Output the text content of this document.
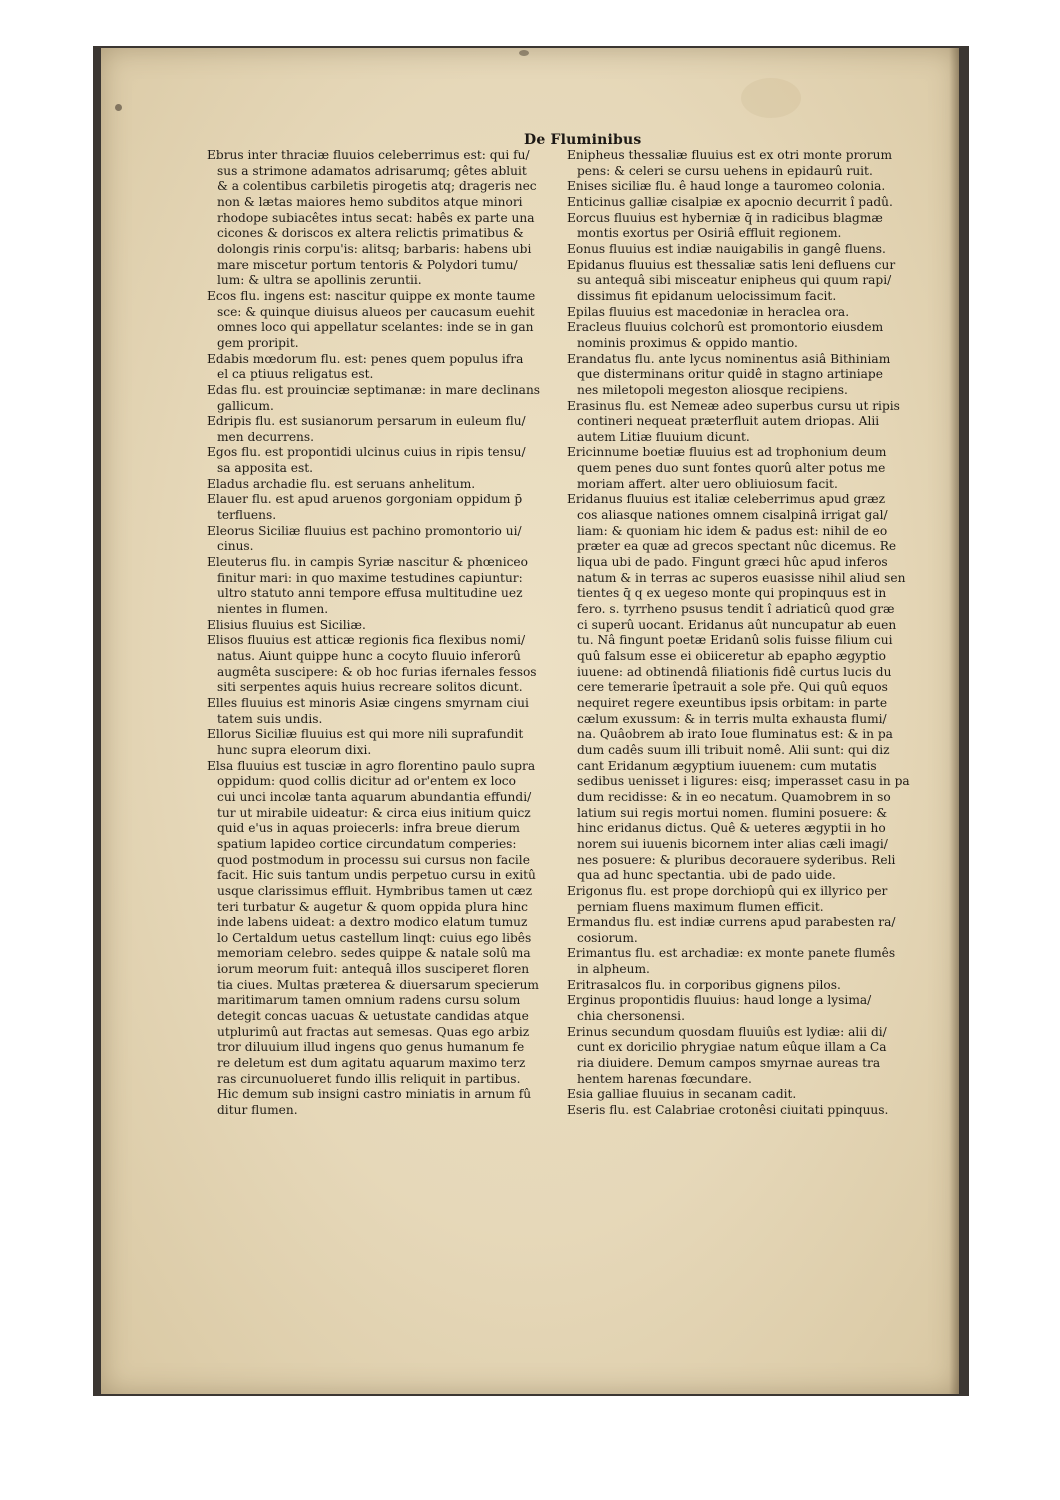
De Fluminibus
Ebrus inter thraciæ fluuios celeberrimus est: qui fu/
sus a strimone adamatos adrisarumq; gêtes abluit
& a colentibus carbiletis pirogetis atq; drageris nec
non & lætas maiores hemo subditos atque minori
rhodope subiacêtes intus secat: habês ex parte una
cicones & doriscos ex altera relictis primatibus &
dolongis rinis corpu'is: alitsq; barbaris: habens ubi
mare miscetur portum tentoris & Polydori tumu/
lum: & ultra se apollinis zeruntii.
Ecos flu. ingens est: nascitur quippe ex monte taume
sce: & quinque diuisus alueos per caucasum euehit
omnes loco qui appellatur scelantes: inde se in gan
gem proripit.
Edabis mœdorum flu. est: penes quem populus ifra
el ca ptiuus religatus est.
Edas flu. est prouinciæ septimanæ: in mare declinans
gallicum.
Edripis flu. est susianorum persarum in euleum flu/
men decurrens.
Egos flu. est propontidi ulcinus cuius in ripis tensu/
sa apposita est.
Eladus archadie flu. est seruans anhelitum.
Elauer flu. est apud aruenos gorgoniam oppidum p̄
terfluens.
Eleorus Siciliæ fluuius est pachino promontorio ui/
cinus.
Eleuterus flu. in campis Syriæ nascitur & phœniceo
finitur mari: in quo maxime testudines capiuntur:
ultro statuto anni tempore effusa multitudine uez
nientes in flumen.
Elisius fluuius est Siciliæ.
Elisos fluuius est atticæ regionis fica flexibus nomi/
natus. Aiunt quippe hunc a cocyto fluuio inferorû
augmêta suscipere: & ob hoc furias ifernales fessos
siti serpentes aquis huius recreare solitos dicunt.
Elles fluuius est minoris Asiæ cingens smyrnam ciui
tatem suis undis.
Ellorus Siciliæ fluuius est qui more nili suprafundit
hunc supra eleorum dixi.
Elsa fluuius est tusciæ in agro florentino paulo supra
oppidum: quod collis dicitur ad or'entem ex loco
cui unci incolæ tanta aquarum abundantia effundi/
tur ut mirabile uideatur: & circa eius initium quicz
quid e'us in aquas proiecerls: infra breue dierum
spatium lapideo cortice circundatum comperies:
quod postmodum in processu sui cursus non facile
facit. Hic suis tantum undis perpetuo cursu in exitû
usque clarissimus effluit. Hymbribus tamen ut cæz
teri turbatur & augetur & quom oppida plura hinc
inde labens uideat: a dextro modico elatum tumuz
lo Certaldum uetus castellum linqt: cuius ego libês
memoriam celebro. sedes quippe & natale solû ma
iorum meorum fuit: antequâ illos susciperet floren
tia ciues. Multas præterea & diuersarum specierum
maritimarum tamen omnium radens cursu solum
detegit concas uacuas & uetustate candidas atque
utplurimû aut fractas aut semesas. Quas ego arbiz
tror diluuium illud ingens quo genus humanum fe
re deletum est dum agitatu aquarum maximo terz
ras circunuolueret fundo illis reliquit in partibus.
Hic demum sub insigni castro miniatis in arnum fû
ditur flumen.
Enipheus thessaliæ fluuius est ex otri monte prorum
pens: & celeri se cursu uehens in epidaurû ruit.
Enises siciliæ flu. ê haud longe a tauromeo colonia.
Enticinus galliæ cisalpiæ ex apocnio decurrit î padû.
Eorcus fluuius est hyberniæ q̄ in radicibus blagmæ
montis exortus per Osiriâ effluit regionem.
Eonus fluuius est indiæ nauigabilis in gangê fluens.
Epidanus fluuius est thessaliæ satis leni defluens cur
su antequâ sibi misceatur enipheus qui quum rapi/
dissimus fit epidanum uelocissimum facit.
Epilas fluuius est macedoniæ in heraclea ora.
Eracleus fluuius colchorû est promontorio eiusdem
nominis proximus & oppido mantio.
Erandatus flu. ante lycus nominentus asiâ Bithiniam
que disterminans oritur quidê in stagno artiniape
nes miletopoli megeston aliosque recipiens.
Erasinus flu. est Nemeæ adeo superbus cursu ut ripis
contineri nequeat præterfluit autem driopas. Alii
autem Litiæ fluuium dicunt.
Ericinnume boetiæ fluuius est ad trophonium deum
quem penes duo sunt fontes quorû alter potus me
moriam affert. alter uero obliuiosum facit.
Eridanus fluuius est italiæ celeberrimus apud græz
cos aliasque nationes omnem cisalpinâ irrigat gal/
liam: & quoniam hic idem & padus est: nihil de eo
præter ea quæ ad grecos spectant nûc dicemus. Re
liqua ubi de pado. Fingunt græci hûc apud inferos
natum & in terras ac superos euasisse nihil aliud sen
tientes q̄ q ex uegeso monte qui propinquus est in
fero. s. tyrrheno psusus tendit î adriaticû quod græ
ci superû uocant. Eridanus aût nuncupatur ab euen
tu. Nâ fingunt poetæ Eridanû solis fuisse filium cui
quû falsum esse ei obiiceretur ab epapho ægyptio
iuuene: ad obtinendâ filiationis fidê curtus lucis du
cere temerarie îpetrauit a sole pře. Qui quû equos
nequiret regere exeuntibus ipsis orbitam: in parte
cælum exussum: & in terris multa exhausta flumi/
na. Quâobrem ab irato Ioue fluminatus est: & in pa
dum cadês suum illi tribuit nomê. Alii sunt: qui diz
cant Eridanum ægyptium iuuenem: cum mutatis
sedibus uenisset i ligures: eisq; imperasset casu in pa
dum recidisse: & in eo necatum. Quamobrem in so
latium sui regis mortui nomen. flumini posuere: &
hinc eridanus dictus. Quê & ueteres ægyptii in ho
norem sui iuuenis bicornem inter alias cæli imagi/
nes posuere: & pluribus decorauere syderibus. Reli
qua ad hunc spectantia. ubi de pado uide.
Erigonus flu. est prope dorchiopû qui ex illyrico per
perniam fluens maximum flumen efficit.
Ermandus flu. est indiæ currens apud parabesten ra/
cosiorum.
Erimantus flu. est archadiæ: ex monte panete flumês
in alpheum.
Eritrasalcos flu. in corporibus gignens pilos.
Erginus propontidis fluuius: haud longe a lysima/
chia chersonensi.
Erinus secundum quosdam fluuiûs est lydiæ: alii di/
cunt ex doricilio phrygiae natum eûque illam a Ca
ria diuidere. Demum campos smyrnae aureas tra
hentem harenas fœcundare.
Esia galliae fluuius in secanam cadit.
Eseris flu. est Calabriae crotonêsi ciuitati ppinquus.
